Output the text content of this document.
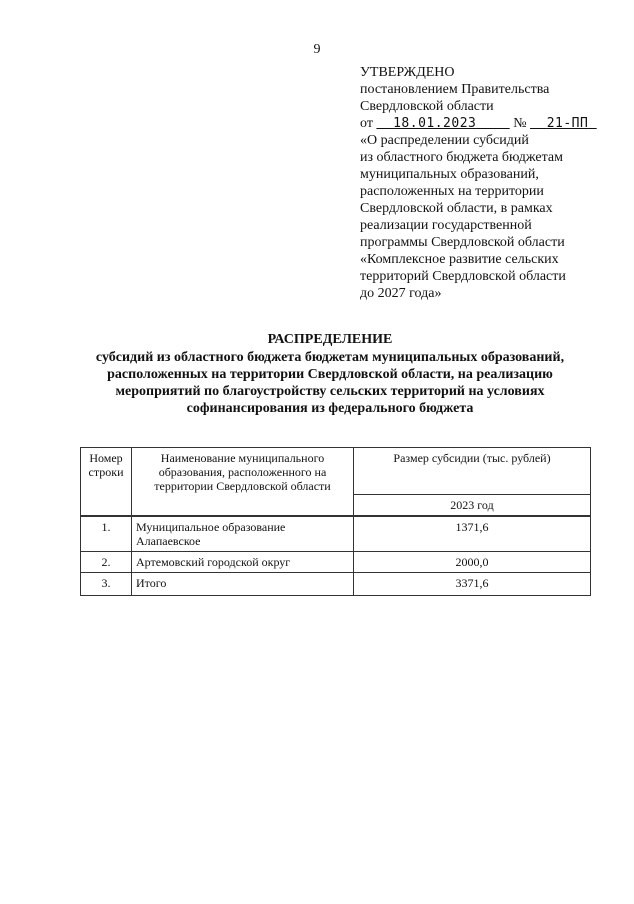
9
УТВЕРЖДЕНО
постановлением Правительства
Свердловской области
от 18.01.2023	№ 21-ПП
«О распределении субсидий
из областного бюджета бюджетам
муниципальных образований,
расположенных на территории
Свердловской области, в рамках
реализации государственной
программы Свердловской области
«Комплексное развитие сельских
территорий Свердловской области
до 2027 года»
РАСПРЕДЕЛЕНИЕ
субсидий из областного бюджета бюджетам муниципальных образований,
расположенных на территории Свердловской области, на реализацию
мероприятий по благоустройству сельских территорий на условиях
софинансирования из федерального бюджета
Номер строки	Наименование муниципального образования, расположенного на территории Свердловской области	Размер субсидии (тыс. рублей)
2023 год
1.	Муниципальное образование Алапаевское	1371,6
2.	Артемовский городской округ	2000,0
3.	Итого	3371,6
